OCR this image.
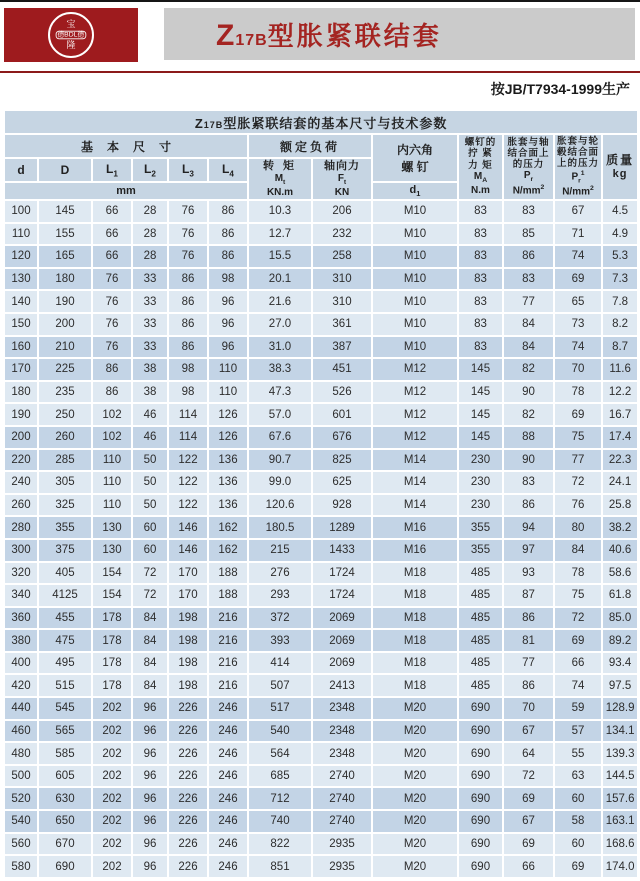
宝
德BDL德
隆	Z17B型胀紧联结套
按JB/T7934-1999生产
Z17B型胀紧联结套的基本尺寸与技术参数												
基本尺寸	额定负荷	内六角
螺 钉

螺钉的
拧 紧
力 矩
$M_A$
N.m

胀套与轴
结合面上
的压力
$P_r$
$N/mm^2$

胀套与轮
毂结合面
上的压力
$P_r^1$
$N/mm^2$

质量
kg

d	D	$L_1$	$L_2$	$L_3$	$L_4$	
转 矩
$M_t$
KN.m

轴向力
$F_t$
KN

mm								$d_1$
100	145	66	28	76	86	10.3	206	M10	83	83	67	4.5
110	155	66	28	76	86	12.7	232	M10	83	85	71	4.9
120	165	66	28	76	86	15.5	258	M10	83	86	74	5.3
130	180	76	33	86	98	20.1	310	M10	83	83	69	7.3
140	190	76	33	86	96	21.6	310	M10	83	77	65	7.8
150	200	76	33	86	96	27.0	361	M10	83	84	73	8.2
160	210	76	33	86	96	31.0	387	M10	83	84	74	8.7
170	225	86	38	98	110	38.3	451	M12	145	82	70	11.6
180	235	86	38	98	110	47.3	526	M12	145	90	78	12.2
190	250	102	46	114	126	57.0	601	M12	145	82	69	16.7
200	260	102	46	114	126	67.6	676	M12	145	88	75	17.4
220	285	110	50	122	136	90.7	825	M14	230	90	77	22.3
240	305	110	50	122	136	99.0	625	M14	230	83	72	24.1
260	325	110	50	122	136	120.6	928	M14	230	86	76	25.8
280	355	130	60	146	162	180.5	1289	M16	355	94	80	38.2
300	375	130	60	146	162	215	1433	M16	355	97	84	40.6
320	405	154	72	170	188	276	1724	M18	485	93	78	58.6
340	4125	154	72	170	188	293	1724	M18	485	87	75	61.8
360	455	178	84	198	216	372	2069	M18	485	86	72	85.0
380	475	178	84	198	216	393	2069	M18	485	81	69	89.2
400	495	178	84	198	216	414	2069	M18	485	77	66	93.4
420	515	178	84	198	216	507	2413	M18	485	86	74	97.5
440	545	202	96	226	246	517	2348	M20	690	70	59	128.9
460	565	202	96	226	246	540	2348	M20	690	67	57	134.1
480	585	202	96	226	246	564	2348	M20	690	64	55	139.3
500	605	202	96	226	246	685	2740	M20	690	72	63	144.5
520	630	202	96	226	246	712	2740	M20	690	69	60	157.6
540	650	202	96	226	246	740	2740	M20	690	67	58	163.1
560	670	202	96	226	246	822	2935	M20	690	69	60	168.6
580	690	202	96	226	246	851	2935	M20	690	66	69	174.0
